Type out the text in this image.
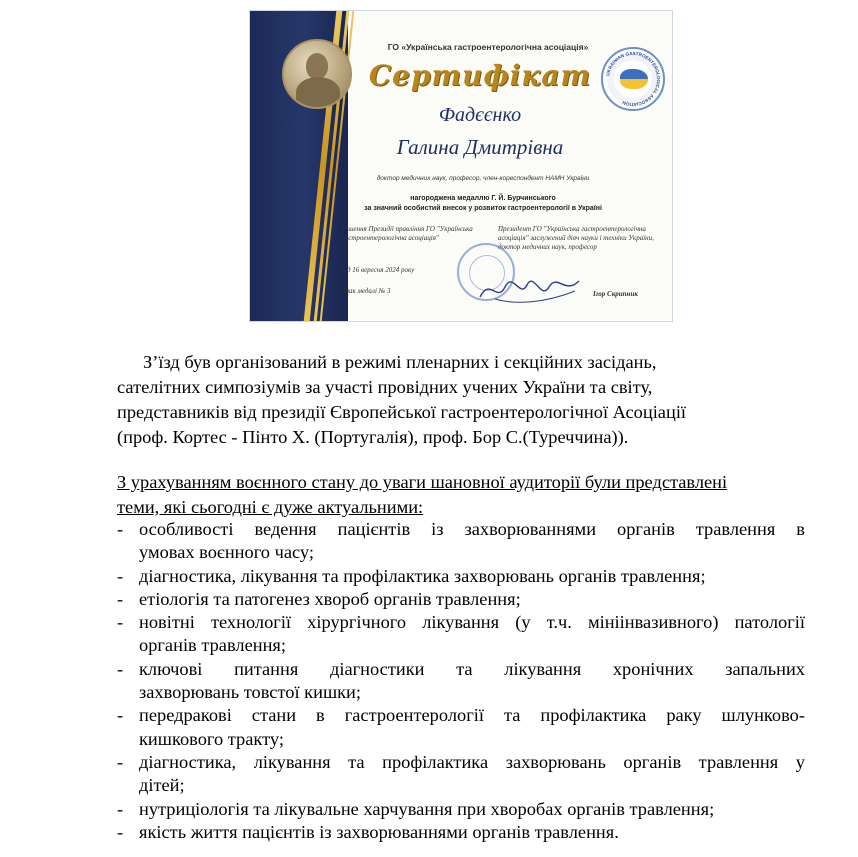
UKRAINIAN GASTROENTEROLOGICAL ASSOCIATION
ГО «Українська гастроентерологічна асоціація»
Сертифікат
Фадєєнко
Галина Дмитрівна
доктор медичних наук, професор, член-кореспондент НАМН України
нагороджена медаллю Г. Й. Бурчинського
за значний особистий внесок у розвиток гастроентерології в Україні
Рішення Президії правління ГО "Українська гастроентерологічна асоціація"
від 16 вересня 2024 року
Президент ГО "Українська гастроентерологічна асоціація" заслужений діяч науки і техніки України, доктор медичних наук, професор
Знак медалі № 3	Ігор Скрипник

З’їзд був організований в режимі пленарних і секційних засідань,
сателітних симпозіумів за участі провідних учених України та світу,
представників від президії Європейської гастроентерологічної Асоціації
(проф. Кортес - Пінто Х. (Португалія), проф. Бор С.(Туреччина)).

З урахуванням воєнного стану до уваги шановної аудиторії були представлені
теми, які сьогодні є дуже актуальними:

- особливості ведення пацієнтів із захворюваннями органів травлення в
умовах воєнного часу;
- діагностика, лікування та профілактика захворювань органів травлення;
- етіологія та патогенез хвороб органів травлення;
- новітні технології хірургічного лікування (у т.ч. мініінвазивного) патології
органів травлення;
- ключові питання діагностики та лікування хронічних запальних
захворювань товстої кишки;
- передракові стани в гастроентерології та профілактика раку шлунково-
кишкового тракту;
- діагностика, лікування та профілактика захворювань органів травлення у
дітей;
- нутриціологія та лікувальне харчування при хворобах органів травлення;
- якість життя пацієнтів із захворюваннями органів травлення.
